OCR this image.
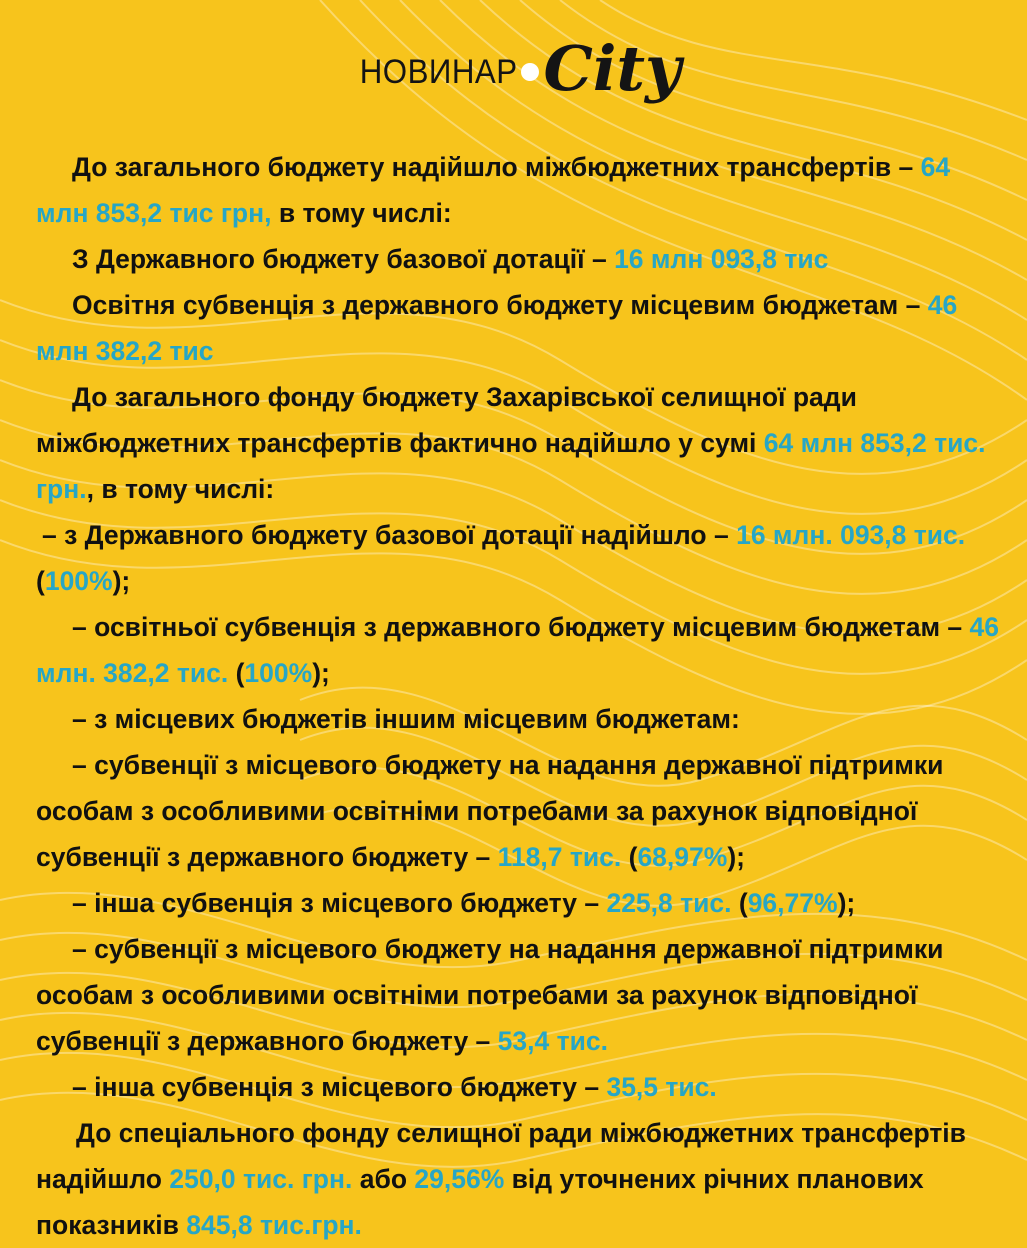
НОВИНАР City

До загального бюджету надійшло міжбюджетних трансфертів – 64 млн 853,2 тис грн, в тому числі:

З Державного бюджету базової дотації – 16 млн 093,8 тис

Освітня субвенція з державного бюджету місцевим бюджетам – 46 млн 382,2 тис

До загального фонду бюджету Захарівської селищної ради міжбюджетних трансфертів фактично надійшло у сумі 64 млн 853,2 тис. грн., в тому числі:

– з Державного бюджету базової дотації надійшло – 16 млн. 093,8 тис. (100%);

– освітньої субвенція з державного бюджету місцевим бюджетам – 46 млн. 382,2 тис. (100%);

– з місцевих бюджетів іншим місцевим бюджетам:

– субвенції з місцевого бюджету на надання державної підтримки особам з особливими освітніми потребами за рахунок відповідної субвенції з державного бюджету – 118,7 тис. (68,97%);

– інша субвенція з місцевого бюджету – 225,8 тис. (96,77%);

– субвенції з місцевого бюджету на надання державної підтримки особам з особливими освітніми потребами за рахунок відповідної субвенції з державного бюджету – 53,4 тис.

– інша субвенція з місцевого бюджету – 35,5 тис.

До спеціального фонду селищної ради міжбюджетних трансфертів надійшло 250,0 тис. грн. або 29,56% від уточнених річних планових показників 845,8 тис.грн.
